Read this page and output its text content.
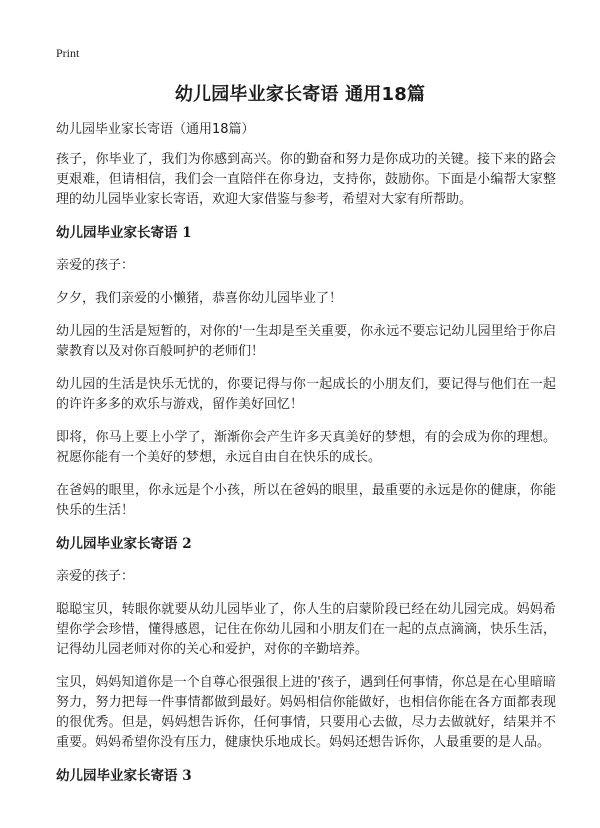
Print
幼儿园毕业家长寄语 通用18篇

幼儿园毕业家长寄语（通用18篇）

孩子，你毕业了，我们为你感到高兴。你的勤奋和努力是你成功的关键。接下来的路会更艰难，但请相信，我们会一直陪伴在你身边，支持你，鼓励你。下面是小编帮大家整理的幼儿园毕业家长寄语，欢迎大家借鉴与参考，希望对大家有所帮助。

幼儿园毕业家长寄语 1

亲爱的孩子：

夕夕，我们亲爱的小懒猪，恭喜你幼儿园毕业了！

幼儿园的生活是短暂的，对你的'一生却是至关重要，你永远不要忘记幼儿园里给于你启蒙教育以及对你百般呵护的老师们！

幼儿园的生活是快乐无忧的，你要记得与你一起成长的小朋友们，要记得与他们在一起的许许多多的欢乐与游戏，留作美好回忆！

即将，你马上要上小学了，渐渐你会产生许多天真美好的梦想，有的会成为你的理想。祝愿你能有一个美好的梦想，永远自由自在快乐的成长。

在爸妈的眼里，你永远是个小孩，所以在爸妈的眼里，最重要的永远是你的健康，你能快乐的生活！

幼儿园毕业家长寄语 2

亲爱的孩子：

聪聪宝贝，转眼你就要从幼儿园毕业了，你人生的启蒙阶段已经在幼儿园完成。妈妈希望你学会珍惜，懂得感恩，记住在你幼儿园和小朋友们在一起的点点滴滴，快乐生活，记得幼儿园老师对你的关心和爱护，对你的辛勤培养。

宝贝，妈妈知道你是一个自尊心很强很上进的'孩子，遇到任何事情，你总是在心里暗暗努力，努力把每一件事情都做到最好。妈妈相信你能做好，也相信你能在各方面都表现的很优秀。但是，妈妈想告诉你，任何事情，只要用心去做，尽力去做就好，结果并不重要。妈妈希望你没有压力，健康快乐地成长。妈妈还想告诉你，人最重要的是人品。

幼儿园毕业家长寄语 3
